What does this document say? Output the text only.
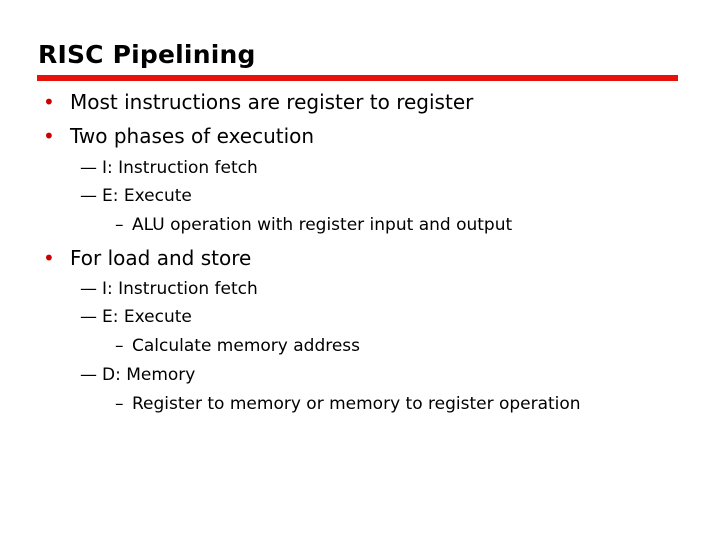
RISC Pipelining
• Most instructions are register to register
• Two phases of execution
— I: Instruction fetch
— E: Execute
– ALU operation with register input and output
• For load and store
— I: Instruction fetch
— E: Execute
– Calculate memory address
— D: Memory
– Register to memory or memory to register operation
